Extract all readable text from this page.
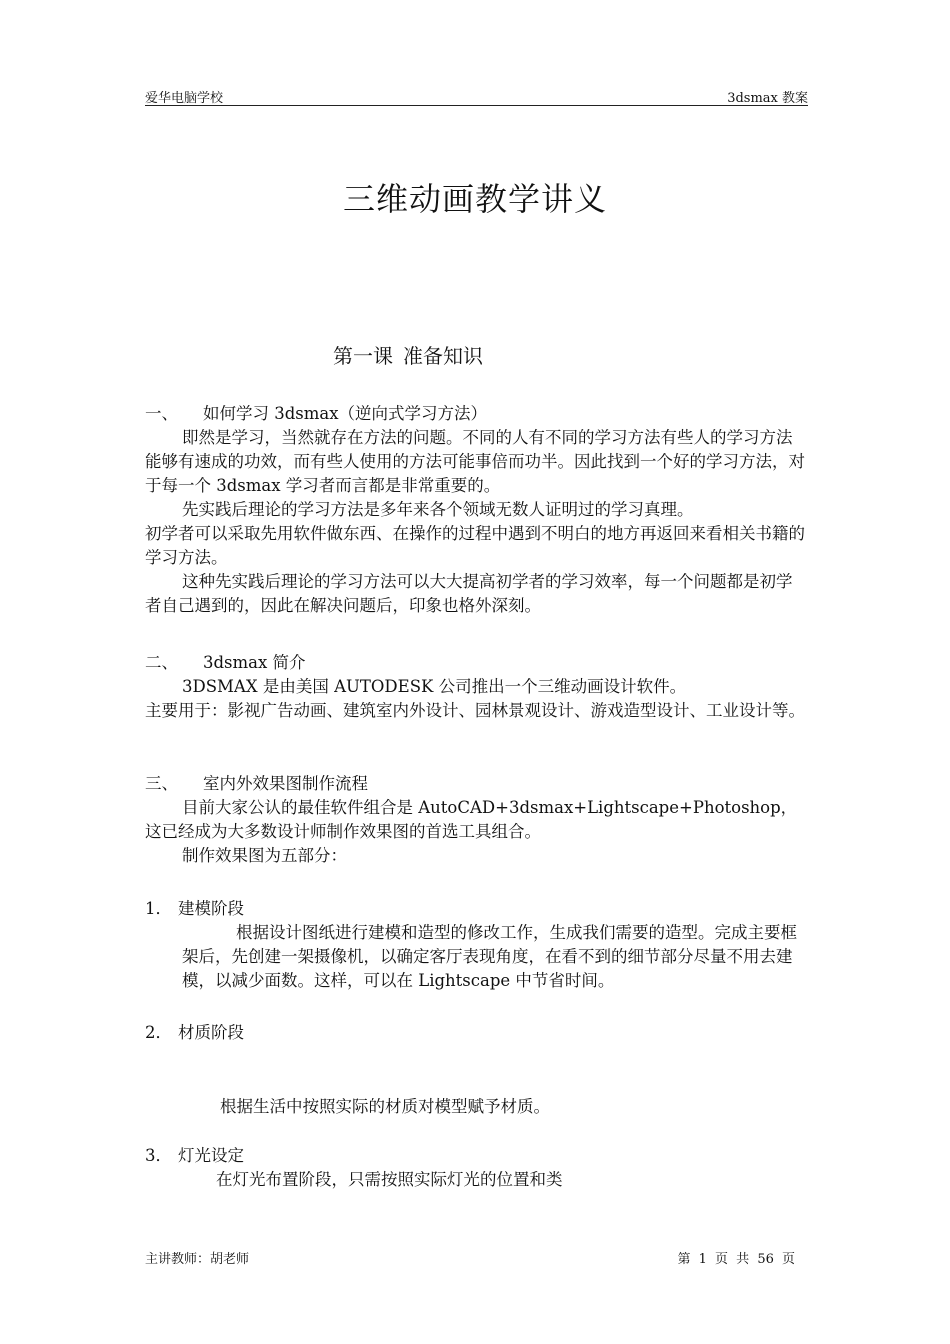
爱华电脑学校	3dsmax 教案
三维动画教学讲义
第一课 准备知识
一、	如何学习 3dsmax（逆向式学习方法）

即然是学习，当然就存在方法的问题。不同的人有不同的学习方法有些人的学习方法能够有速成的功效，而有些人使用的方法可能事倍而功半。因此找到一个好的学习方法，对于每一个 3dsmax 学习者而言都是非常重要的。

先实践后理论的学习方法是多年来各个领域无数人证明过的学习真理。

初学者可以采取先用软件做东西、在操作的过程中遇到不明白的地方再返回来看相关书籍的学习方法。

这种先实践后理论的学习方法可以大大提高初学者的学习效率，每一个问题都是初学者自己遇到的，因此在解决问题后，印象也格外深刻。

二、	3dsmax 简介

3DSMAX 是由美国 AUTODESK 公司推出一个三维动画设计软件。

主要用于：影视广告动画、建筑室内外设计、园林景观设计、游戏造型设计、工业设计等。

三、	室内外效果图制作流程

目前大家公认的最佳软件组合是 AutoCAD+3dsmax+Lightscape+Photoshop，这已经成为大多数设计师制作效果图的首选工具组合。

制作效果图为五部分：

1． 建模阶段

根据设计图纸进行建模和造型的修改工作，生成我们需要的造型。完成主要框架后，先创建一架摄像机，以确定客厅表现角度，在看不到的细节部分尽量不用去建模，以减少面数。这样，可以在 Lightscape 中节省时间。

2． 材质阶段

根据生活中按照实际的材质对模型赋予材质。

3． 灯光设定

在灯光布置阶段，只需按照实际灯光的位置和类

主讲教师：胡老师	第 1 页 共 56 页
